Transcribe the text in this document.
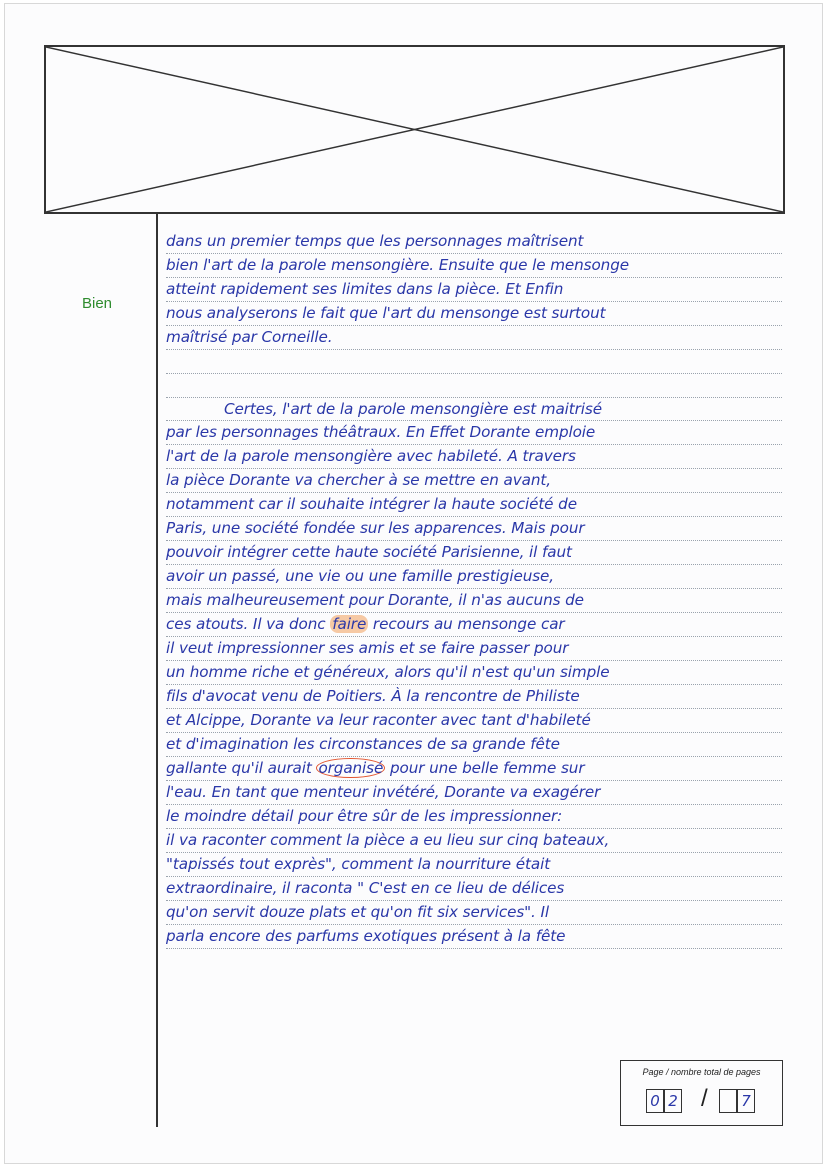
Bien
dans un premier temps que les personnages maîtrisent
bien l'art de la parole mensongière. Ensuite que le mensonge
atteint rapidement ses limites dans la pièce. Et Enfin
nous analyserons le fait que l'art du mensonge est surtout
maîtrisé par Corneille.
Certes, l'art de la parole mensongière est maitrisé
par les personnages théâtraux. En Effet Dorante emploie
l'art de la parole mensongière avec habileté. A travers
la pièce Dorante va chercher à se mettre en avant,
notamment car il souhaite intégrer la haute société de
Paris, une société fondée sur les apparences. Mais pour
pouvoir intégrer cette haute société Parisienne, il faut
avoir un passé, une vie ou une famille prestigieuse,
mais malheureusement pour Dorante, il n'as aucuns de
ces atouts. Il va donc faire recours au mensonge car
il veut impressionner ses amis et se faire passer pour
un homme riche et généreux, alors qu'il n'est qu'un simple
fils d'avocat venu de Poitiers. À la rencontre de Philiste
et Alcippe, Dorante va leur raconter avec tant d'habileté
et d'imagination les circonstances de sa grande fête
gallante qu'il aurait organisé pour une belle femme sur
l'eau. En tant que menteur invétéré, Dorante va exagérer
le moindre détail pour être sûr de les impressionner:
il va raconter comment la pièce a eu lieu sur cinq bateaux,
"tapissés tout exprès", comment la nourriture était
extraordinaire, il raconta " C'est en ce lieu de délices
qu'on servit douze plats et qu'on fit six services". Il
parla encore des parfums exotiques présent à la fête
Page / nombre total de pages
0 2 / 7
